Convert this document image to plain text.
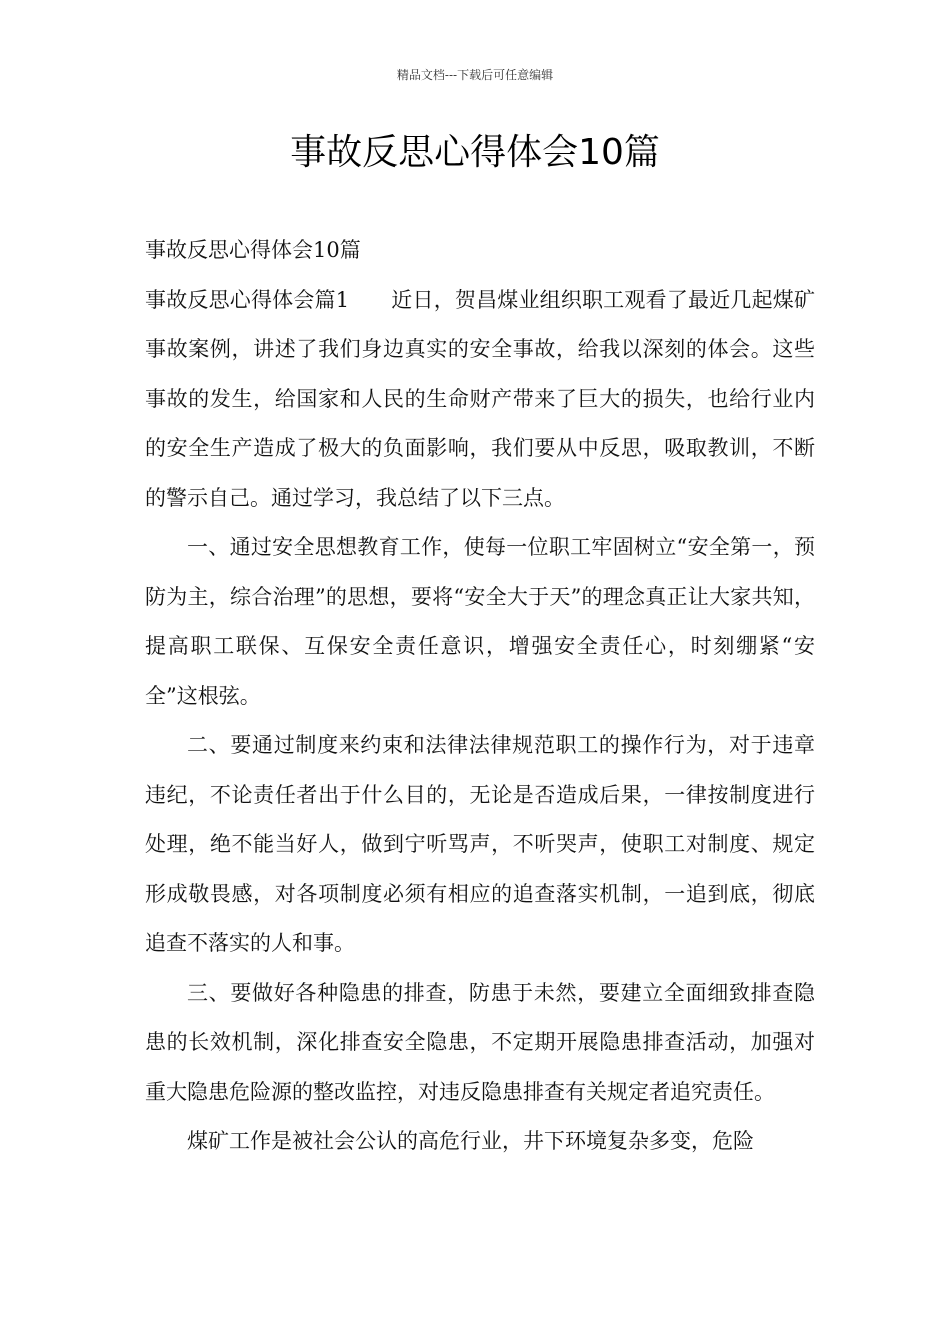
精品文档---下载后可任意编辑
事故反思心得体会10篇

事故反思心得体会10篇

事故反思心得体会篇1 近日，贺昌煤业组织职工观看了最近几起煤矿事故案例，讲述了我们身边真实的安全事故，给我以深刻的体会。这些事故的发生，给国家和人民的生命财产带来了巨大的损失，也给行业内的安全生产造成了极大的负面影响，我们要从中反思，吸取教训，不断的警示自己。通过学习，我总结了以下三点。

一、通过安全思想教育工作，使每一位职工牢固树立“安全第一，预防为主，综合治理”的思想，要将“安全大于天”的理念真正让大家共知，提高职工联保、互保安全责任意识，增强安全责任心，时刻绷紧“安全”这根弦。

二、要通过制度来约束和法律法律规范职工的操作行为，对于违章违纪，不论责任者出于什么目的，无论是否造成后果，一律按制度进行处理，绝不能当好人，做到宁听骂声，不听哭声，使职工对制度、规定形成敬畏感，对各项制度必须有相应的追查落实机制，一追到底，彻底追查不落实的人和事。

三、要做好各种隐患的排查，防患于未然，要建立全面细致排查隐患的长效机制，深化排查安全隐患，不定期开展隐患排查活动，加强对重大隐患危险源的整改监控，对违反隐患排查有关规定者追究责任。

煤矿工作是被社会公认的高危行业，井下环境复杂多变，危险
